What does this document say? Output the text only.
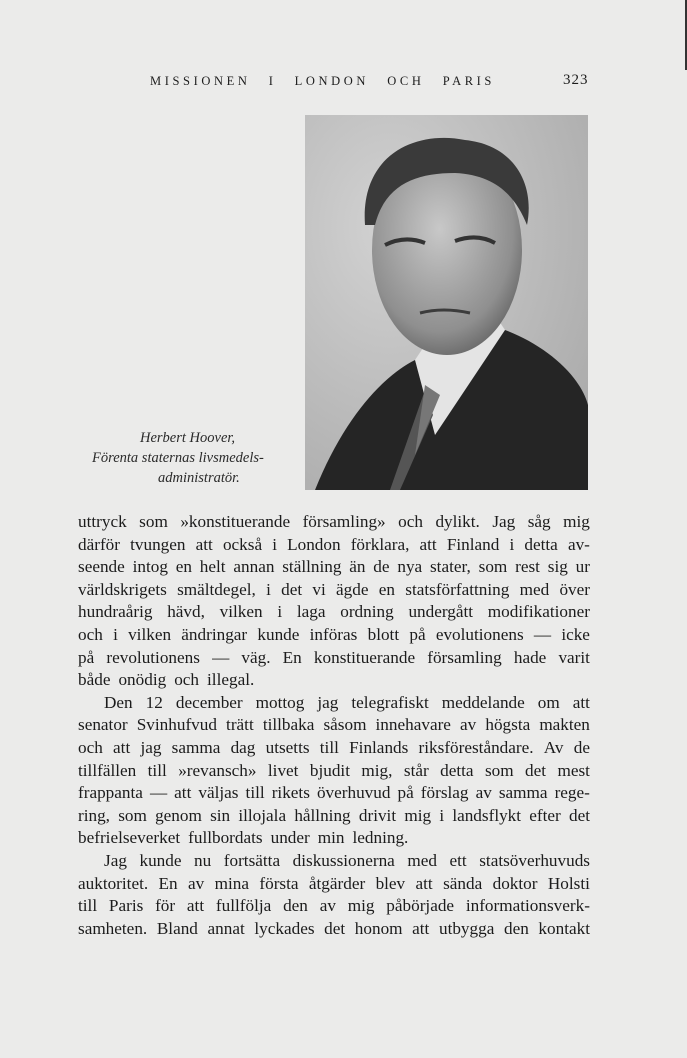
MISSIONEN I LONDON OCH PARIS	323
Herbert Hoover,
Förenta staternas livsmedels-
administratör.
uttryck som »konstituerande församling» och dylikt. Jag såg mig
därför tvungen att också i London förklara, att Finland i detta av-
seende intog en helt annan ställning än de nya stater, som rest sig ur
världskrigets smältdegel, i det vi ägde en statsförfattning med över
hundraårig hävd, vilken i laga ordning undergått modifikationer
och i vilken ändringar kunde införas blott på evolutionens — icke
på revolutionens — väg. En konstituerande församling hade varit
både onödig och illegal.
Den 12 december mottog jag telegrafiskt meddelande om att
senator Svinhufvud trätt tillbaka såsom innehavare av högsta makten
och att jag samma dag utsetts till Finlands riksföreståndare. Av de
tillfällen till »revansch» livet bjudit mig, står detta som det mest
frappanta — att väljas till rikets överhuvud på förslag av samma rege-
ring, som genom sin illojala hållning drivit mig i landsflykt efter det
befrielseverket fullbordats under min ledning.
Jag kunde nu fortsätta diskussionerna med ett statsöverhuvuds
auktoritet. En av mina första åtgärder blev att sända doktor Holsti
till Paris för att fullfölja den av mig påbörjade informationsverk-
samheten. Bland annat lyckades det honom att utbygga den kontakt
